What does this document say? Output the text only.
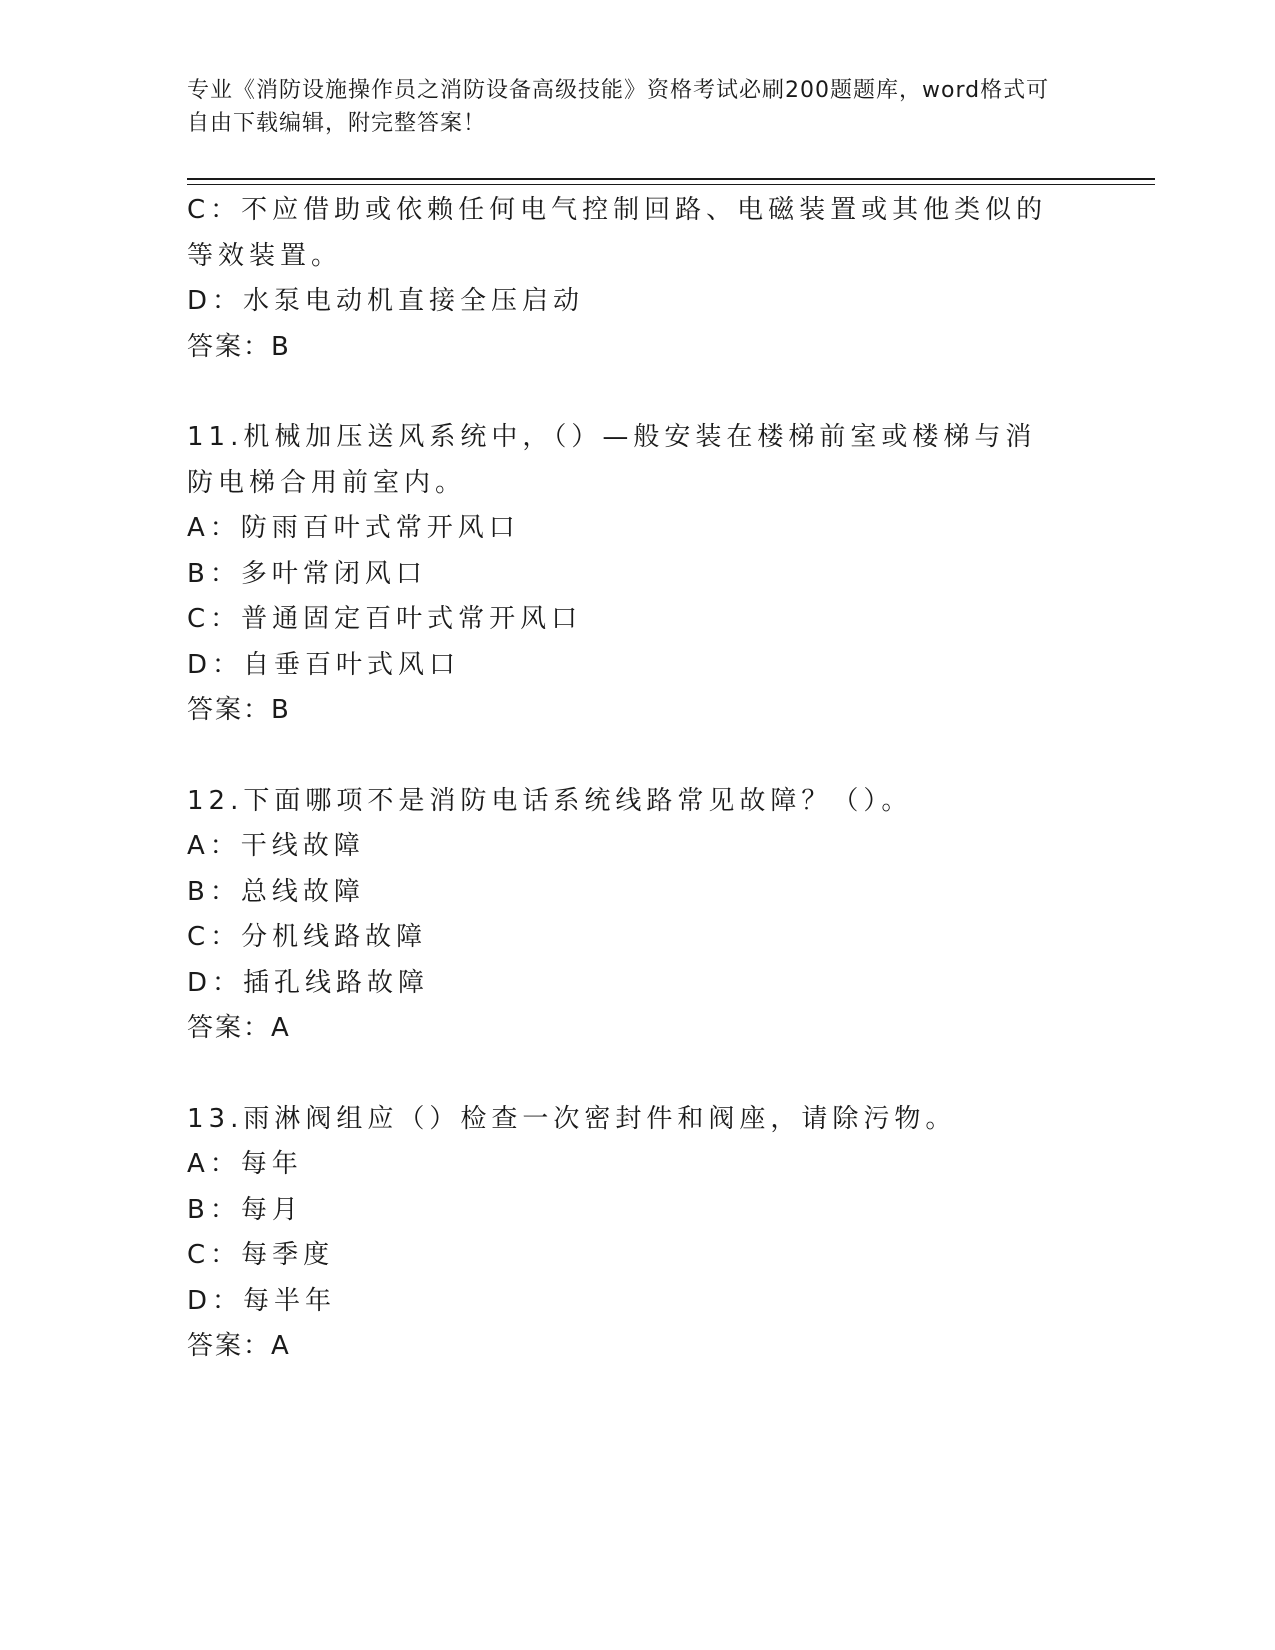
专业《消防设施操作员之消防设备高级技能》资格考试必刷200题题库，word格式可自由下载编辑，附完整答案！
C：不应借助或依赖任何电气控制回路、电磁装置或其他类似的等效装置。
D：水泵电动机直接全压启动
答案：B
11.机械加压送风系统中，（）—般安装在楼梯前室或楼梯与消防电梯合用前室内。
A：防雨百叶式常开风口
B：多叶常闭风口
C：普通固定百叶式常开风口
D：自垂百叶式风口
答案：B
12.下面哪项不是消防电话系统线路常见故障？（）。
A：干线故障
B：总线故障
C：分机线路故障
D：插孔线路故障
答案：A
13.雨淋阀组应（）检查一次密封件和阀座，请除污物。
A：每年
B：每月
C：每季度
D：每半年
答案：A
